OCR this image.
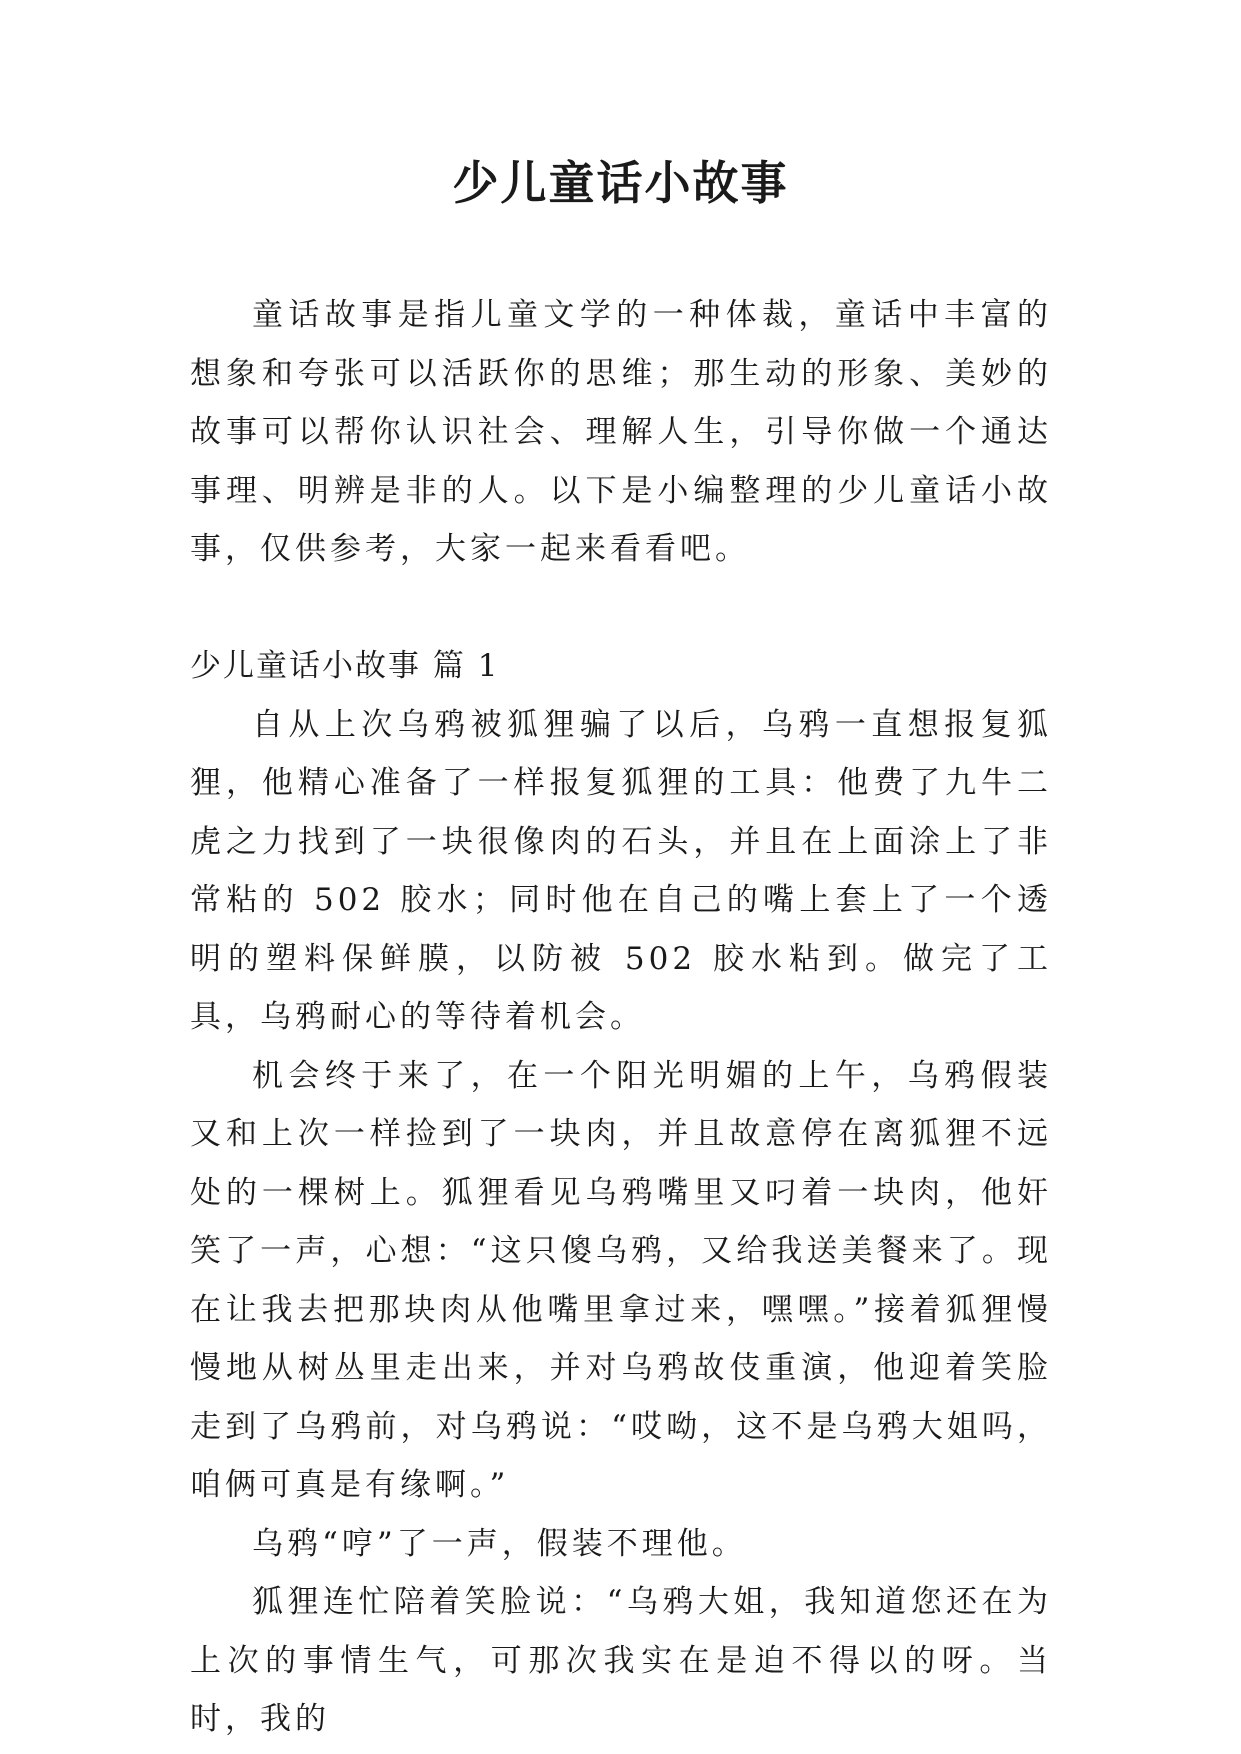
少儿童话小故事

童话故事是指儿童文学的一种体裁，童话中丰富的想象和夸张可以活跃你的思维；那生动的形象、美妙的故事可以帮你认识社会、理解人生，引导你做一个通达事理、明辨是非的人。以下是小编整理的少儿童话小故事，仅供参考，大家一起来看看吧。

少儿童话小故事 篇 1

自从上次乌鸦被狐狸骗了以后，乌鸦一直想报复狐狸，他精心准备了一样报复狐狸的工具：他费了九牛二虎之力找到了一块很像肉的石头，并且在上面涂上了非常粘的 502 胶水；同时他在自己的嘴上套上了一个透明的塑料保鲜膜，以防被 502 胶水粘到。做完了工具，乌鸦耐心的等待着机会。

机会终于来了，在一个阳光明媚的上午，乌鸦假装又和上次一样捡到了一块肉，并且故意停在离狐狸不远处的一棵树上。狐狸看见乌鸦嘴里又叼着一块肉，他奸笑了一声，心想：“这只傻乌鸦，又给我送美餐来了。现在让我去把那块肉从他嘴里拿过来，嘿嘿。”接着狐狸慢慢地从树丛里走出来，并对乌鸦故伎重演，他迎着笑脸走到了乌鸦前，对乌鸦说：“哎呦，这不是乌鸦大姐吗，咱俩可真是有缘啊。”

乌鸦“哼”了一声，假装不理他。

狐狸连忙陪着笑脸说：“乌鸦大姐，我知道您还在为上次的事情生气，可那次我实在是迫不得以的呀。当时，我的
